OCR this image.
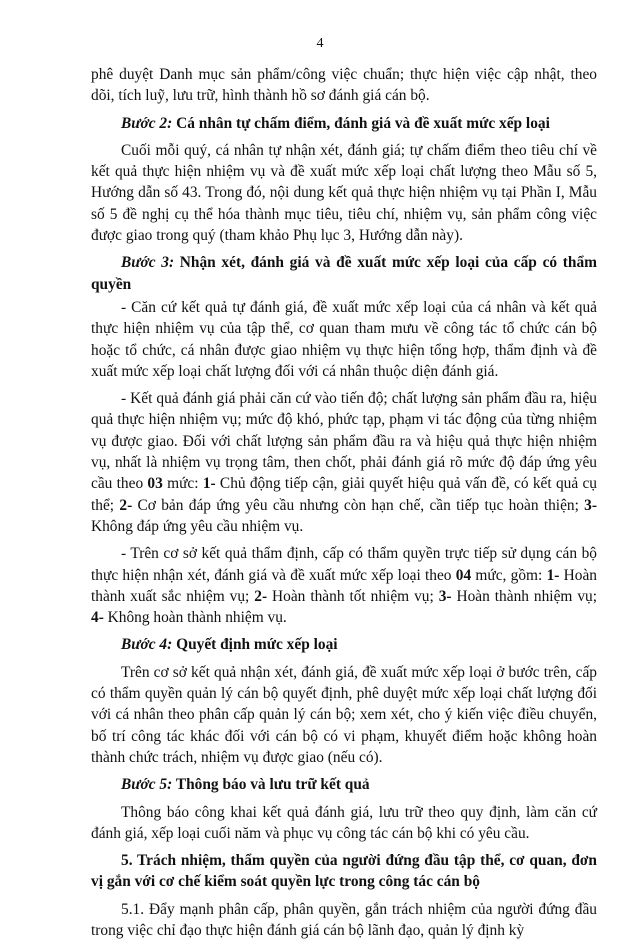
4

phê duyệt Danh mục sản phẩm/công việc chuẩn; thực hiện việc cập nhật, theo dõi, tích luỹ, lưu trữ, hình thành hồ sơ đánh giá cán bộ.

Bước 2: Cá nhân tự chấm điểm, đánh giá và đề xuất mức xếp loại

Cuối mỗi quý, cá nhân tự nhận xét, đánh giá; tự chấm điểm theo tiêu chí về kết quả thực hiện nhiệm vụ và đề xuất mức xếp loại chất lượng theo Mẫu số 5, Hướng dẫn số 43. Trong đó, nội dung kết quả thực hiện nhiệm vụ tại Phần I, Mẫu số 5 đề nghị cụ thể hóa thành mục tiêu, tiêu chí, nhiệm vụ, sản phẩm công việc được giao trong quý (tham khảo Phụ lục 3, Hướng dẫn này).

Bước 3: Nhận xét, đánh giá và đề xuất mức xếp loại của cấp có thẩm quyền

- Căn cứ kết quả tự đánh giá, đề xuất mức xếp loại của cá nhân và kết quả thực hiện nhiệm vụ của tập thể, cơ quan tham mưu về công tác tổ chức cán bộ hoặc tổ chức, cá nhân được giao nhiệm vụ thực hiện tổng hợp, thẩm định và đề xuất mức xếp loại chất lượng đối với cá nhân thuộc diện đánh giá.

- Kết quả đánh giá phải căn cứ vào tiến độ; chất lượng sản phẩm đầu ra, hiệu quả thực hiện nhiệm vụ; mức độ khó, phức tạp, phạm vi tác động của từng nhiệm vụ được giao. Đối với chất lượng sản phẩm đầu ra và hiệu quả thực hiện nhiệm vụ, nhất là nhiệm vụ trọng tâm, then chốt, phải đánh giá rõ mức độ đáp ứng yêu cầu theo 03 mức: 1- Chủ động tiếp cận, giải quyết hiệu quả vấn đề, có kết quả cụ thể; 2- Cơ bản đáp ứng yêu cầu nhưng còn hạn chế, cần tiếp tục hoàn thiện; 3- Không đáp ứng yêu cầu nhiệm vụ.

- Trên cơ sở kết quả thẩm định, cấp có thẩm quyền trực tiếp sử dụng cán bộ thực hiện nhận xét, đánh giá và đề xuất mức xếp loại theo 04 mức, gồm: 1- Hoàn thành xuất sắc nhiệm vụ; 2- Hoàn thành tốt nhiệm vụ; 3- Hoàn thành nhiệm vụ; 4- Không hoàn thành nhiệm vụ.

Bước 4: Quyết định mức xếp loại

Trên cơ sở kết quả nhận xét, đánh giá, đề xuất mức xếp loại ở bước trên, cấp có thẩm quyền quản lý cán bộ quyết định, phê duyệt mức xếp loại chất lượng đối với cá nhân theo phân cấp quản lý cán bộ; xem xét, cho ý kiến việc điều chuyển, bố trí công tác khác đối với cán bộ có vi phạm, khuyết điểm hoặc không hoàn thành chức trách, nhiệm vụ được giao (nếu có).

Bước 5: Thông báo và lưu trữ kết quả

Thông báo công khai kết quả đánh giá, lưu trữ theo quy định, làm căn cứ đánh giá, xếp loại cuối năm và phục vụ công tác cán bộ khi có yêu cầu.

5. Trách nhiệm, thẩm quyền của người đứng đầu tập thể, cơ quan, đơn vị gắn với cơ chế kiểm soát quyền lực trong công tác cán bộ

5.1. Đẩy mạnh phân cấp, phân quyền, gắn trách nhiệm của người đứng đầu trong việc chỉ đạo thực hiện đánh giá cán bộ lãnh đạo, quản lý định kỳ
